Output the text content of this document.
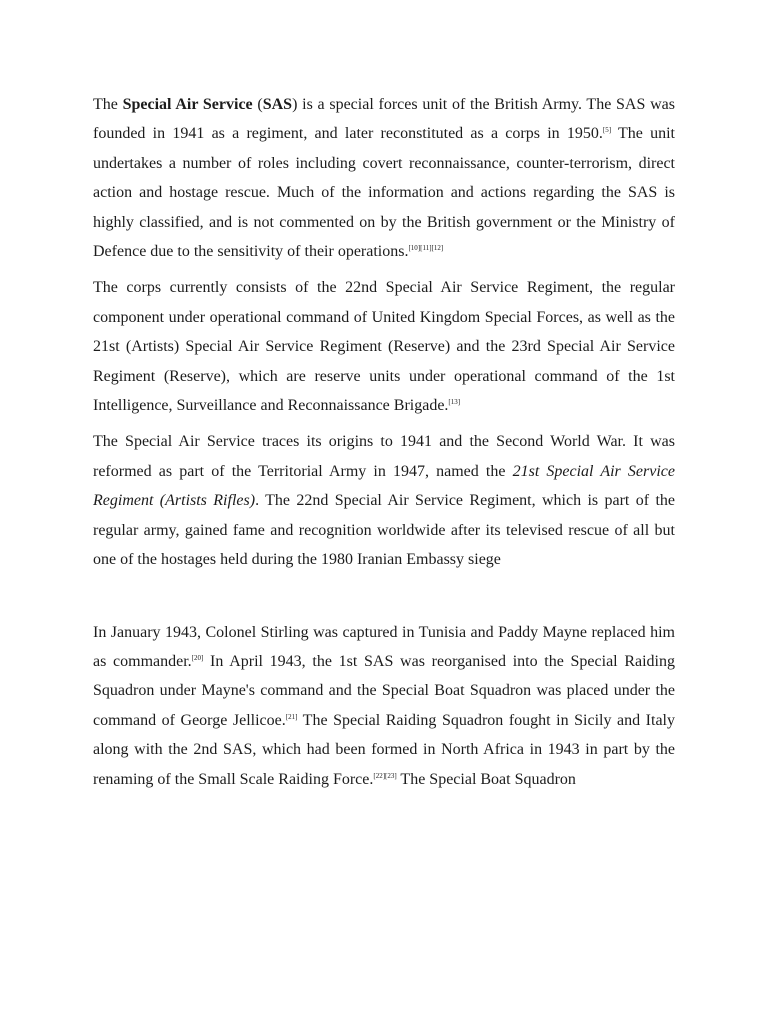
The Special Air Service (SAS) is a special forces unit of the British Army. The SAS was founded in 1941 as a regiment, and later reconstituted as a corps in 1950.[5] The unit undertakes a number of roles including covert reconnaissance, counter-terrorism, direct action and hostage rescue. Much of the information and actions regarding the SAS is highly classified, and is not commented on by the British government or the Ministry of Defence due to the sensitivity of their operations.[10][11][12]

The corps currently consists of the 22nd Special Air Service Regiment, the regular component under operational command of United Kingdom Special Forces, as well as the 21st (Artists) Special Air Service Regiment (Reserve) and the 23rd Special Air Service Regiment (Reserve), which are reserve units under operational command of the 1st Intelligence, Surveillance and Reconnaissance Brigade.[13]

The Special Air Service traces its origins to 1941 and the Second World War. It was reformed as part of the Territorial Army in 1947, named the 21st Special Air Service Regiment (Artists Rifles). The 22nd Special Air Service Regiment, which is part of the regular army, gained fame and recognition worldwide after its televised rescue of all but one of the hostages held during the 1980 Iranian Embassy siege

In January 1943, Colonel Stirling was captured in Tunisia and Paddy Mayne replaced him as commander.[20] In April 1943, the 1st SAS was reorganised into the Special Raiding Squadron under Mayne's command and the Special Boat Squadron was placed under the command of George Jellicoe.[21] The Special Raiding Squadron fought in Sicily and Italy along with the 2nd SAS, which had been formed in North Africa in 1943 in part by the renaming of the Small Scale Raiding Force.[22][23] The Special Boat Squadron
